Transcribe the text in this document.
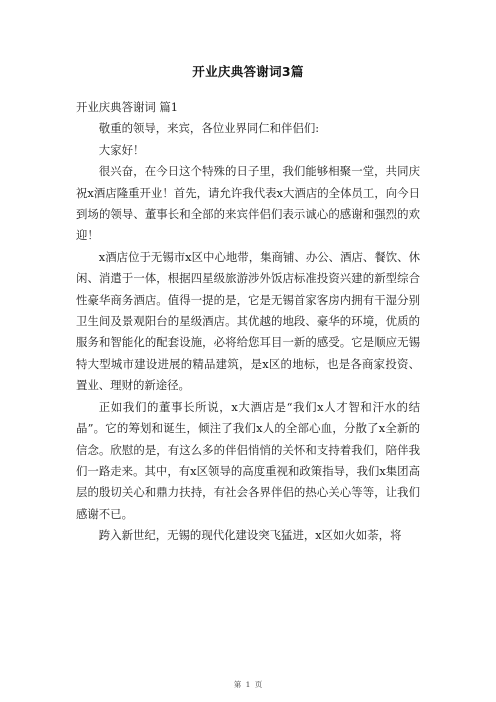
开业庆典答谢词3篇

开业庆典答谢词 篇1

敬重的领导，来宾，各位业界同仁和伴侣们:

大家好！

很兴奋，在今日这个特殊的日子里，我们能够相聚一堂，共同庆祝x酒店隆重开业！首先，请允许我代表x大酒店的全体员工，向今日到场的领导、董事长和全部的来宾伴侣们表示诚心的感谢和强烈的欢迎！

x酒店位于无锡市x区中心地带，集商铺、办公、酒店、餐饮、休闲、消遣于一体，根据四星级旅游涉外饭店标准投资兴建的新型综合性豪华商务酒店。值得一提的是，它是无锡首家客房内拥有干湿分别卫生间及景观阳台的星级酒店。其优越的地段、豪华的环境，优质的服务和智能化的配套设施，必将给您耳目一新的感受。它是顺应无锡特大型城市建设进展的精品建筑，是x区的地标，也是各商家投资、置业、理财的新途径。

正如我们的董事长所说，x大酒店是“我们x人才智和汗水的结晶”。它的筹划和诞生，倾注了我们x人的全部心血，分散了x全新的信念。欣慰的是，有这么多的伴侣悄悄的关怀和支持着我们，陪伴我们一路走来。其中，有x区领导的高度重视和政策指导，我们x集团高层的殷切关心和鼎力扶持，有社会各界伴侣的热心关心等等，让我们感谢不已。

跨入新世纪，无锡的现代化建设突飞猛进，x区如火如荼，将

第 1 页
